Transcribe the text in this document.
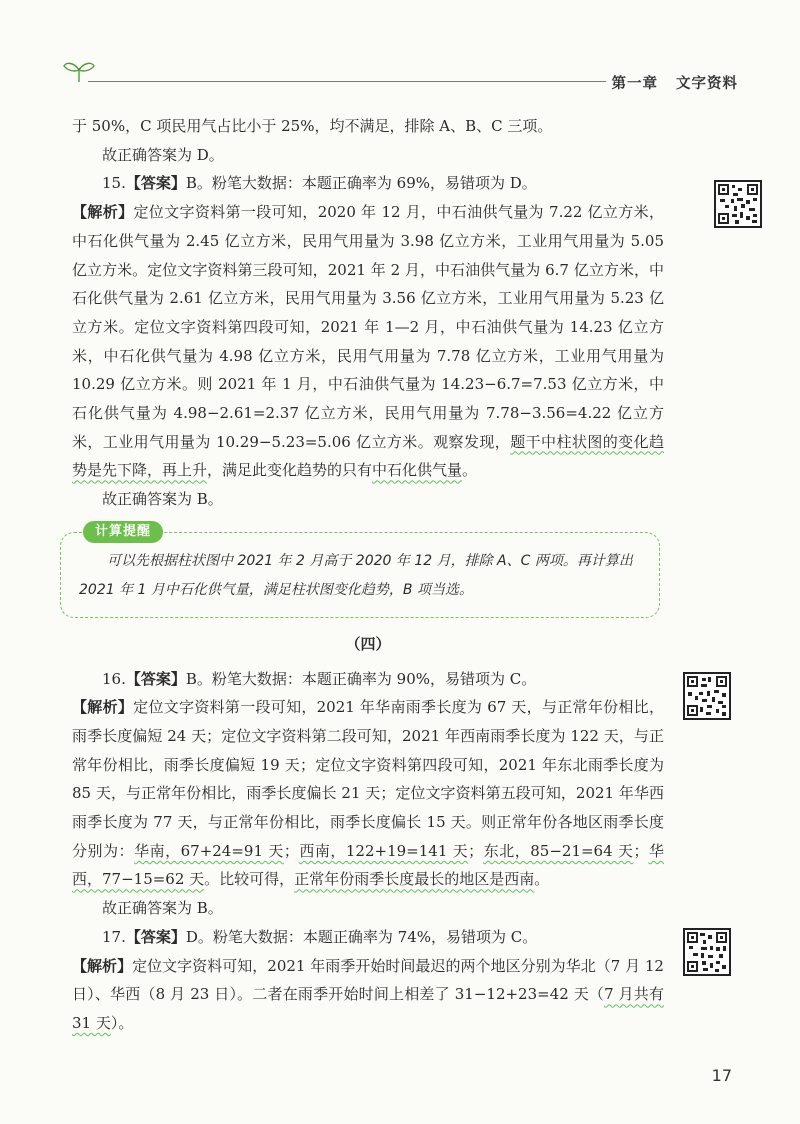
第一章 文字资料

于 50%，C 项民用气占比小于 25%，均不满足，排除 A、B、C 三项。

故正确答案为 D。

15.【答案】B。粉笔大数据：本题正确率为 69%，易错项为 D。

【解析】定位文字资料第一段可知，2020 年 12 月，中石油供气量为 7.22 亿立方米，中石化供气量为 2.45 亿立方米，民用气用量为 3.98 亿立方米，工业用气用量为 5.05 亿立方米。定位文字资料第三段可知，2021 年 2 月，中石油供气量为 6.7 亿立方米，中石化供气量为 2.61 亿立方米，民用气用量为 3.56 亿立方米，工业用气用量为 5.23 亿立方米。定位文字资料第四段可知，2021 年 1—2 月，中石油供气量为 14.23 亿立方米，中石化供气量为 4.98 亿立方米，民用气用量为 7.78 亿立方米，工业用气用量为 10.29 亿立方米。则 2021 年 1 月，中石油供气量为 14.23−6.7=7.53 亿立方米，中石化供气量为 4.98−2.61=2.37 亿立方米，民用气用量为 7.78−3.56=4.22 亿立方米，工业用气用量为 10.29−5.23=5.06 亿立方米。观察发现，题干中柱状图的变化趋势是先下降，再上升，满足此变化趋势的只有中石化供气量。

故正确答案为 B。

计算提醒
可以先根据柱状图中 2021 年 2 月高于 2020 年 12 月，排除 A、C 两项。再计算出 2021 年 1 月中石化供气量，满足柱状图变化趋势，B 项当选。
（四）

16.【答案】B。粉笔大数据：本题正确率为 90%，易错项为 C。

【解析】定位文字资料第一段可知，2021 年华南雨季长度为 67 天，与正常年份相比，雨季长度偏短 24 天；定位文字资料第二段可知，2021 年西南雨季长度为 122 天，与正常年份相比，雨季长度偏短 19 天；定位文字资料第四段可知，2021 年东北雨季长度为 85 天，与正常年份相比，雨季长度偏长 21 天；定位文字资料第五段可知，2021 年华西雨季长度为 77 天，与正常年份相比，雨季长度偏长 15 天。则正常年份各地区雨季长度分别为：华南，67+24=91 天；西南，122+19=141 天；东北，85−21=64 天；华西，77−15=62 天。比较可得，正常年份雨季长度最长的地区是西南。

故正确答案为 B。

17.【答案】D。粉笔大数据：本题正确率为 74%，易错项为 C。

【解析】定位文字资料可知，2021 年雨季开始时间最迟的两个地区分别为华北（7 月 12 日）、华西（8 月 23 日）。二者在雨季开始时间上相差了 31−12+23=42 天（7 月共有 31 天）。

17
